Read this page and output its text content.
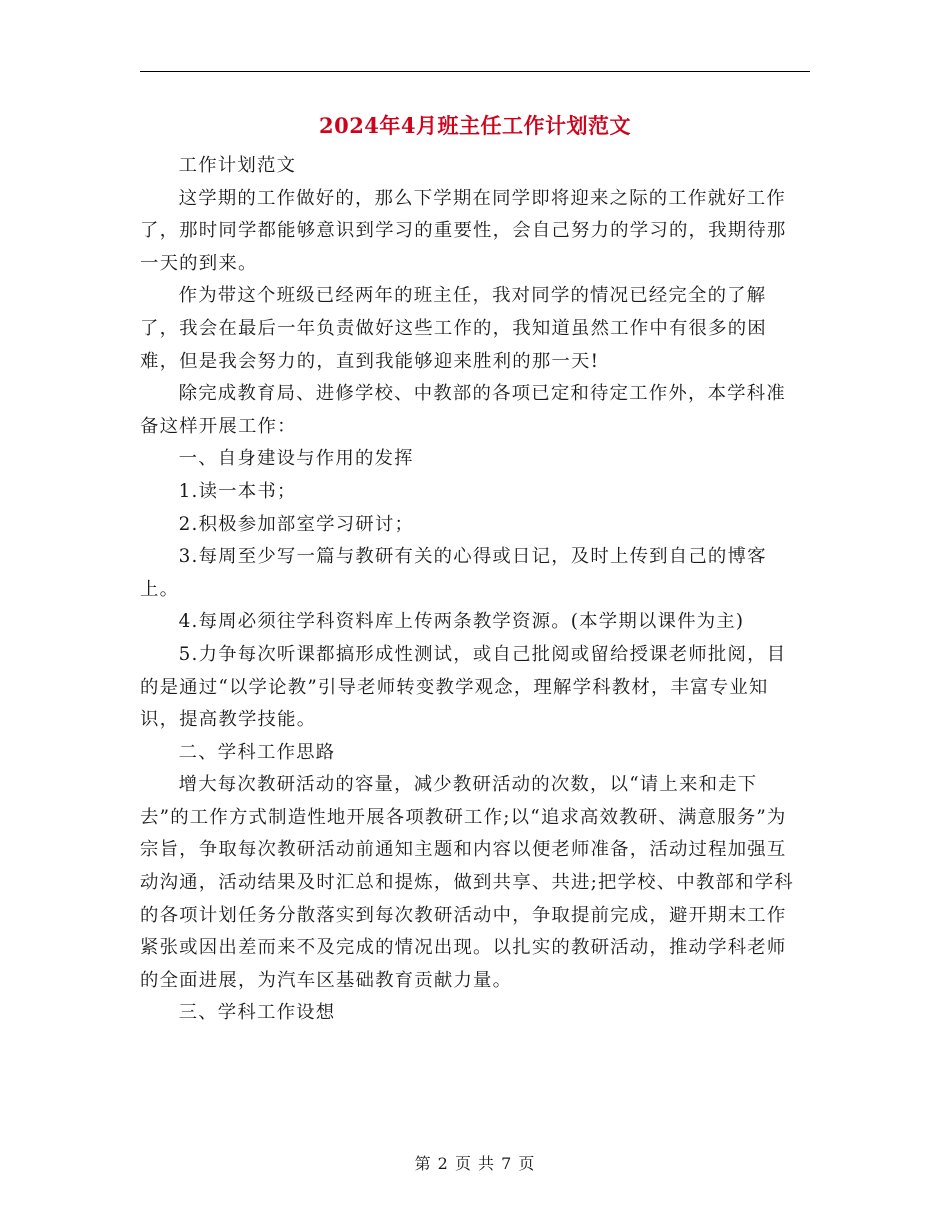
2024年4月班主任工作计划范文

工作计划范文

这学期的工作做好的，那么下学期在同学即将迎来之际的工作就好工作了，那时同学都能够意识到学习的重要性，会自己努力的学习的，我期待那一天的到来。

作为带这个班级已经两年的班主任，我对同学的情况已经完全的了解了，我会在最后一年负责做好这些工作的，我知道虽然工作中有很多的困难，但是我会努力的，直到我能够迎来胜利的那一天!

除完成教育局、进修学校、中教部的各项已定和待定工作外，本学科准备这样开展工作：

一、自身建设与作用的发挥

1.读一本书；

2.积极参加部室学习研讨；

3.每周至少写一篇与教研有关的心得或日记，及时上传到自己的博客上。

4.每周必须往学科资料库上传两条教学资源。(本学期以课件为主)

5.力争每次听课都搞形成性测试，或自己批阅或留给授课老师批阅，目的是通过“以学论教”引导老师转变教学观念，理解学科教材，丰富专业知识，提高教学技能。

二、学科工作思路

增大每次教研活动的容量，减少教研活动的次数，以“请上来和走下去”的工作方式制造性地开展各项教研工作;以“追求高效教研、满意服务”为宗旨，争取每次教研活动前通知主题和内容以便老师准备，活动过程加强互动沟通，活动结果及时汇总和提炼，做到共享、共进;把学校、中教部和学科的各项计划任务分散落实到每次教研活动中，争取提前完成，避开期末工作紧张或因出差而来不及完成的情况出现。以扎实的教研活动，推动学科老师的全面进展，为汽车区基础教育贡献力量。

三、学科工作设想

第 2 页 共 7 页
